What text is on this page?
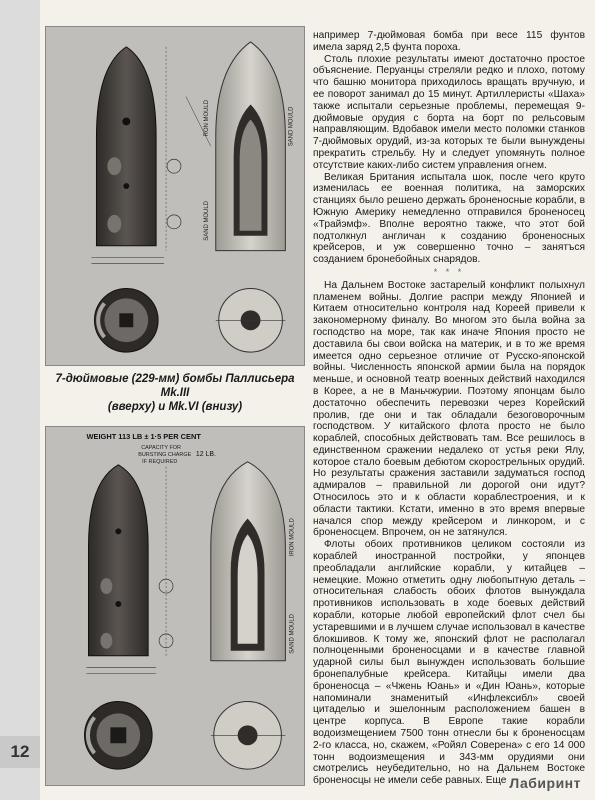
12
RON MOULD
SAND MOULD
SAND MOULD
7-дюймовые (229-мм) бомбы Паллисьера Mk.III
(вверху) и Mk.VI (внизу)
WEIGHT 113 LB ± 1·5 PER CENT
CAPACITY FOR
BURSTING CHARGE
IF REQUIRED
12 LB.
IRON MOULD
SAND MOULD

например 7-дюймовая бомба при весе 115 фунтов имела заряд 2,5 фунта пороха.

Столь плохие результаты имеют достаточно простое объяснение. Перуанцы стреляли редко и плохо, потому что башню монитора приходилось вращать вручную, и ее поворот занимал до 15 минут. Артиллеристы «Шаха» также испытали серьезные проблемы, перемещая 9-дюймовые орудия с борта на борт по рельсовым направляющим. Вдобавок имели место поломки станков 7-дюймовых орудий, из-за которых те были вынуждены прекратить стрельбу. Ну и следует упомянуть полное отсутствие каких-либо систем управления огнем.

Великая Британия испытала шок, после чего круто изменилась ее военная политика, на заморских станциях было решено держать броненосные корабли, в Южную Америку немедленно отправился броненосец «Трайэмф». Вполне вероятно также, что этот бой подтолкнул англичан к созданию броненосных крейсеров, и уж совершенно точно – занятъся созданием бронебойных снарядов.

* * *

На Дальнем Востоке застарелый конфликт полыхнул пламенем войны. Долгие распри между Японией и Китаем относительно контроля над Кореей привели к закономерному финалу. Во многом это была война за господство на море, так как иначе Япония просто не доставила бы свои войска на материк, и в то же время имеется одно серьезное отличие от Русско-японской войны. Численность японской армии была на порядок меньше, и основной театр военных действий находился в Корее, а не в Маньчжурии. Поэтому японцам было достаточно обеспечить перевозки через Корейский пролив, где они и так обладали безоговорочным господством. У китайского флота просто не было кораблей, способных действовать там. Все решилось в единственном сражении недалеко от устья реки Ялу, которое стало боевым дебютом скорострельных орудий. Но результаты сражения заставили задуматься господ адмиралов – правильной ли дорогой они идут? Относилось это и к области кораблестроения, и к области тактики. Кстати, именно в это время впервые начался спор между крейсером и линкором, и с броненосцем. Впрочем, он не затянулся.

Флоты обоих противников целиком состояли из кораблей иностранной постройки, у японцев преобладали английские корабли, у китайцев – немецкие. Можно отметить одну любопытную деталь – относительная слабость обоих флотов вынуждала противников использовать в ходе боевых действий корабли, которые любой европейский флот счел бы устаревшими и в лучшем случае использовал в качестве блокшивов. К тому же, японский флот не располагал полноценными броненосцами и в качестве главной ударной силы был вынужден использовать большие бронепалубные крейсера. Китайцы имели два броненосца – «Чжень Юань» и «Дин Юань», которые напоминали знаменитый «Инфлексибл» своей цитаделью и эшелонным расположением башен в центре корпуса. В Европе такие корабли водоизмещением 7500 тонн отнесли бы к броненосцам 2-го класса, но, скажем, «Ройял Соверена» с его 14 000 тонн водоизмещения и 343-мм орудиями они смотрелись неубедительно, но на Дальнем Востоке броненосцы не имели себе равных. Еще Лабиринт
